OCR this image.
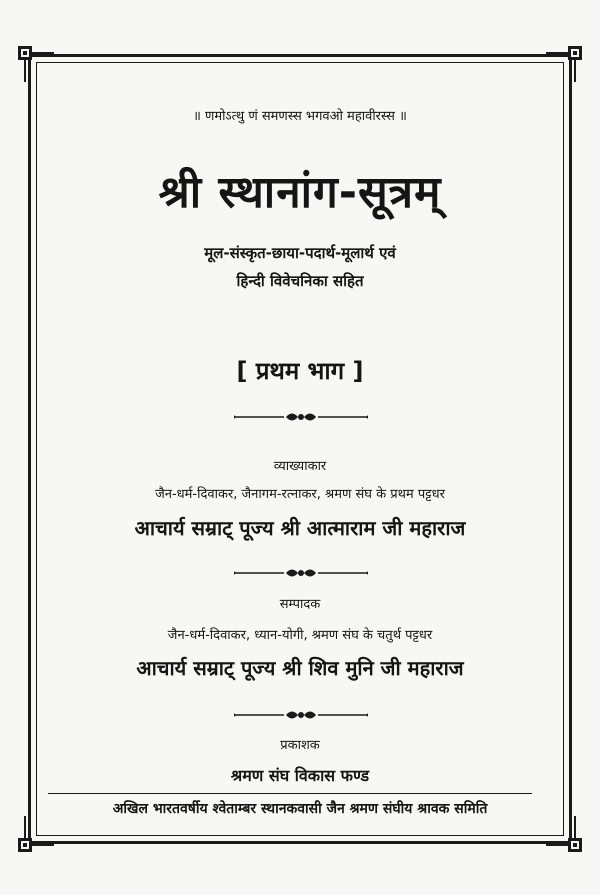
॥ णमोऽत्थु णं समणस्स भगवओ महावीरस्स ॥
श्री स्थानांग-सूत्रम्
मूल-संस्कृत-छाया-पदार्थ-मूलार्थ एवं
हिन्दी विवेचनिका सहित
[ प्रथम भाग ]
व्याख्याकार
जैन-धर्म-दिवाकर, जैनागम-रत्नाकर, श्रमण संघ के प्रथम पट्टधर
आचार्य सम्राट् पूज्य श्री आत्माराम जी महाराज
सम्पादक
जैन-धर्म-दिवाकर, ध्यान-योगी, श्रमण संघ के चतुर्थ पट्टधर
आचार्य सम्राट् पूज्य श्री शिव मुनि जी महाराज
प्रकाशक
श्रमण संघ विकास फण्ड
अखिल भारतवर्षीय श्वेताम्बर स्थानकवासी जैन श्रमण संघीय श्रावक समिति
